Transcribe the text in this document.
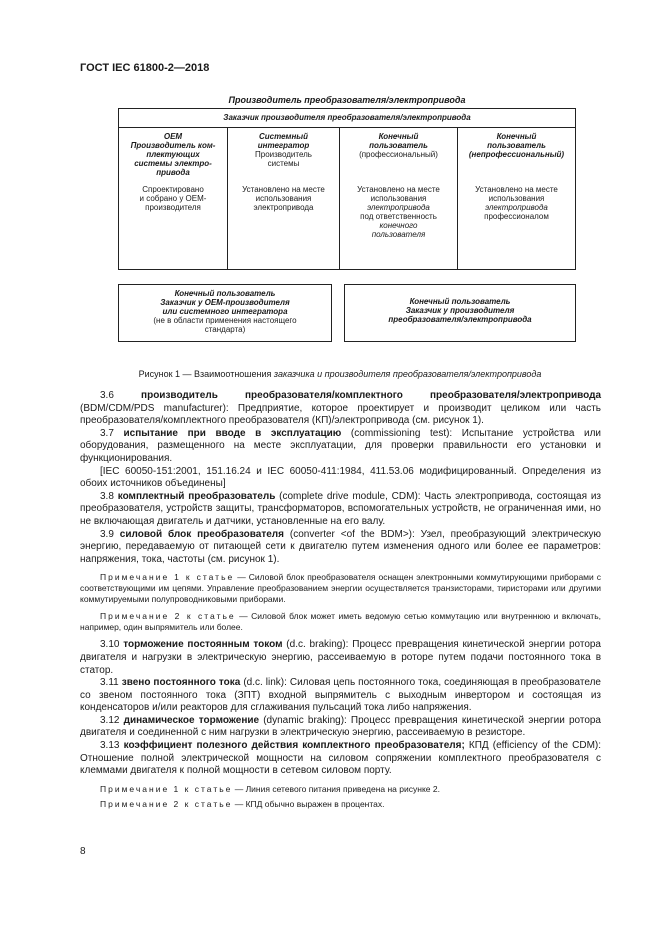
ГОСТ IEC 61800-2—2018
Производитель преобразователя/электропривода
Заказчик производителя преобразователя/электропривода
ОЕМ
Производитель ком-
плектующих
системы электро-
привода
Спроектировано
и собрано у ОЕМ-
производителя
Системный
интегратор
Производитель
системы
Установлено на месте
использования
электропривода
Конечный
пользователь
(профессиональный)
Установлено на месте
использования
электропривода
под ответственность
конечного
пользователя
Конечный
пользователь
(непрофессиональный)
Установлено на месте
использования
электропривода
профессионалом
Конечный пользователь
Заказчик у ОЕМ-производителя
или системного интегратора
(не в области применения настоящего
стандарта)
Конечный пользователь
Заказчик у производителя
преобразователя/электропривода
Рисунок 1 — Взаимоотношения заказчика и производителя преобразователя/электропривода

3.6	производитель преобразователя/комплектного преобразователя/электропривода (BDM/CDM/PDS manufacturer): Предприятие, которое проектирует и производит целиком или часть преобразователя/комплектного преобразователя (КП)/электропривода (см. рисунок 1).

3.7 испытание при вводе в эксплуатацию (commissioning test): Испытание устройства или оборудования, размещенного на месте эксплуатации, для проверки правильности его установки и функционирования.

[IEC 60050-151:2001, 151.16.24 и IEC 60050-411:1984, 411.53.06 модифицированный. Определения из обоих источников объединены]

3.8 комплектный преобразователь (complete drive module, CDM): Часть электропривода, состоящая из преобразователя, устройств защиты, трансформаторов, вспомогательных устройств, не ограниченная ими, но не включающая двигатель и датчики, установленные на его валу.

3.9 силовой блок преобразователя (converter <of the BDM>): Узел, преобразующий электрическую энергию, передаваемую от питающей сети к двигателю путем изменения одного или более ее параметров: напряжения, тока, частоты (см. рисунок 1).

Примечание 1 к статье — Силовой блок преобразователя оснащен электронными коммутирующими приборами с соответствующими им цепями. Управление преобразованием энергии осуществляется транзисторами, тиристорами или другими коммутируемыми полупроводниковыми приборами.

Примечание 2 к статье — Силовой блок может иметь ведомую сетью коммутацию или внутреннюю и включать, например, один выпрямитель или более.

3.10 торможение постоянным током (d.c. braking): Процесс превращения кинетической энергии ротора двигателя и нагрузки в электрическую энергию, рассеиваемую в роторе путем подачи постоянного тока в статор.

3.11 звено постоянного тока (d.c. link): Силовая цепь постоянного тока, соединяющая в преобразователе со звеном постоянного тока (ЗПТ) входной выпрямитель с выходным инвертором и состоящая из конденсаторов и/или реакторов для сглаживания пульсаций тока либо напряжения.

3.12 динамическое торможение (dynamic braking): Процесс превращения кинетической энергии ротора двигателя и соединенной с ним нагрузки в электрическую энергию, рассеиваемую в резисторе.

3.13 коэффициент полезного действия комплектного преобразователя; КПД (efficiency of the CDM): Отношение полной электрической мощности на силовом сопряжении комплектного преобразователя с клеммами двигателя к полной мощности в сетевом силовом порту.

Примечание 1 к статье — Линия сетевого питания приведена на рисунке 2.

Примечание 2 к статье — КПД обычно выражен в процентах.

8
